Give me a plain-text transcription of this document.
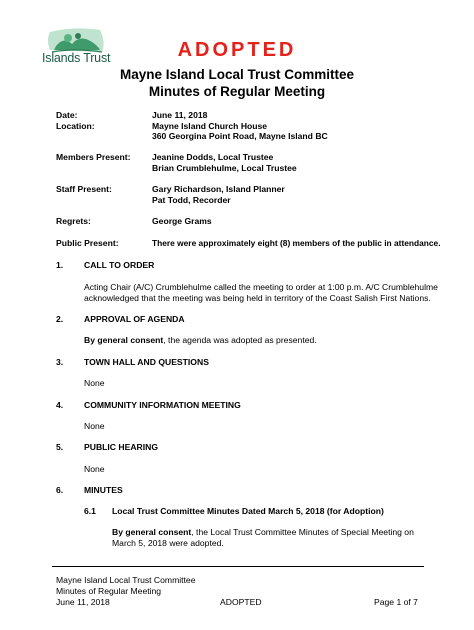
Islands Trust	ADOPTED
Mayne Island Local Trust Committee
Minutes of Regular Meeting
Date:	June 11, 2018
Location:	Mayne Island Church House
360 Georgina Point Road, Mayne Island BC
Members Present: Jeanine Dodds, Local Trustee
Brian Crumblehulme, Local Trustee
Staff Present:	Gary Richardson, Island Planner
Pat Todd, Recorder
Regrets:	George Grams
Public Present:	There were approximately eight (8) members of the public in attendance.
1. CALL TO ORDER
Acting Chair (A/C) Crumblehulme called the meeting to order at 1:00 p.m. A/C Crumblehulme
acknowledged that the meeting was being held in territory of the Coast Salish First Nations.
2. APPROVAL OF AGENDA
By general consent, the agenda was adopted as presented.
3. TOWN HALL AND QUESTIONS
None
4. COMMUNITY INFORMATION MEETING
None
5. PUBLIC HEARING
None
6. MINUTES
6.1 Local Trust Committee Minutes Dated March 5, 2018 (for Adoption)
By general consent, the Local Trust Committee Minutes of Special Meeting on
March 5, 2018 were adopted.
Mayne Island Local Trust Committee
Minutes of Regular Meeting
June 11, 2018	ADOPTED	Page 1 of 7
